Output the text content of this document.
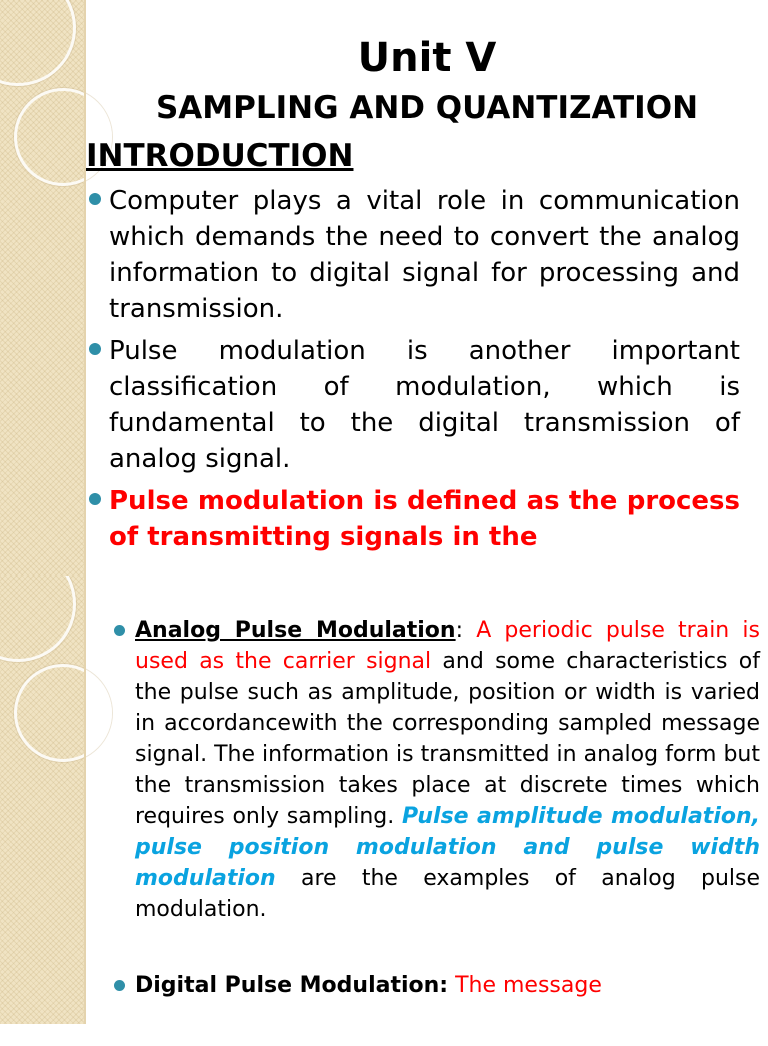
Unit V
SAMPLING AND QUANTIZATION
INTRODUCTION
Computer plays a vital role in communication which demands the need to convert the analog information to digital signal for processing and transmission.
Pulse modulation is another important classification of modulation, which is fundamental to the digital transmission of analog signal.
Pulse modulation is defined as the process of transmitting signals in the
Analog Pulse Modulation: A periodic pulse train is used as the carrier signal and some characteristics of the pulse such as amplitude, position or width is varied in accordancewith the corresponding sampled message signal. The information is transmitted in analog form but the transmission takes place at discrete times which requires only sampling. Pulse amplitude modulation, pulse position modulation and pulse width modulation are the examples of analog pulse modulation.
Digital Pulse Modulation: The message
